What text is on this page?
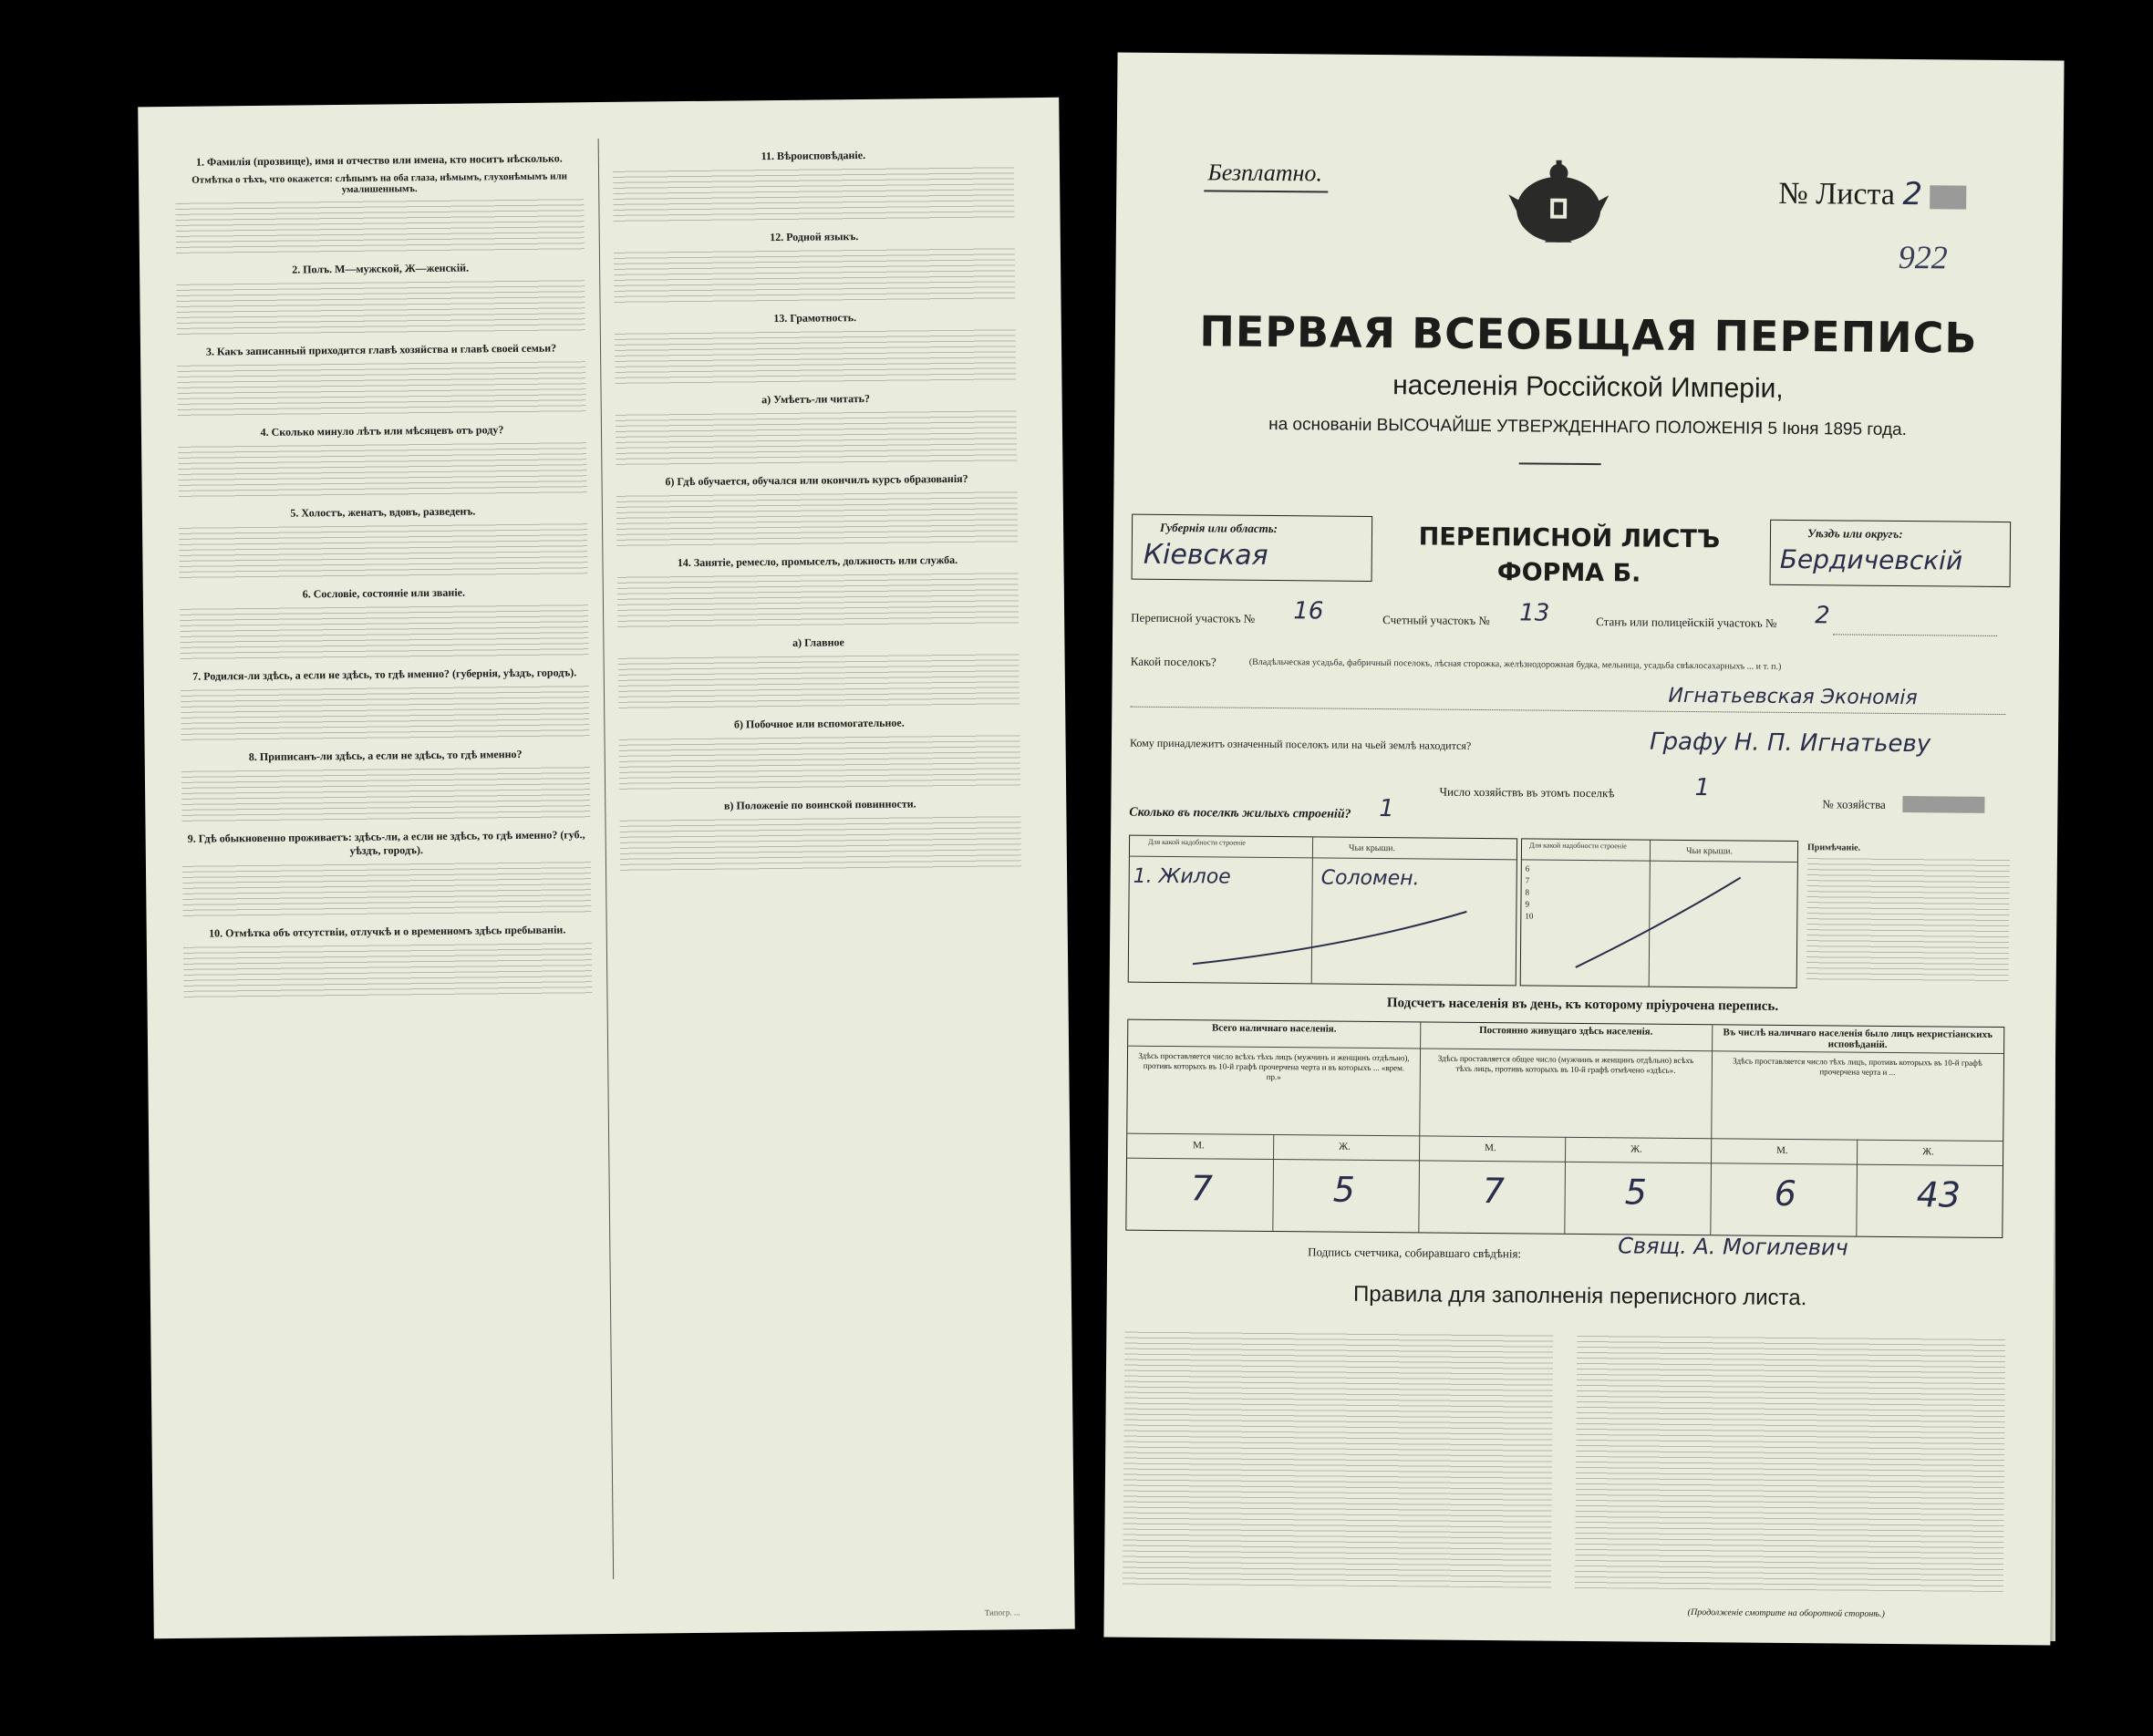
1. Фамилія (прозвище), имя и отчество или имена, кто носитъ нѣсколько.
Отмѣтка о тѣхъ, что окажется: слѣпымъ на оба глаза, нѣмымъ, глухонѣмымъ или умалишеннымъ.
2. Полъ. М—мужской, Ж—женскій.
3. Какъ записанный приходится главѣ хозяйства и главѣ своей семьи?
4. Сколько минуло лѣтъ или мѣсяцевъ отъ роду?
5. Холостъ, женатъ, вдовъ, разведенъ.
6. Сословіе, состояніе или званіе.
7. Родился-ли здѣсь, а если не здѣсь, то гдѣ именно? (губернія, уѣздъ, городъ).
8. Приписанъ-ли здѣсь, а если не здѣсь, то гдѣ именно?
9. Гдѣ обыкновенно проживаетъ: здѣсь-ли, а если не здѣсь, то гдѣ именно? (губ., уѣздъ, городъ).
10. Отмѣтка объ отсутствіи, отлучкѣ и о временномъ здѣсь пребываніи.
11. Вѣроисповѣданіе.
12. Родной языкъ.
13. Грамотность.
a) Умѣетъ-ли читать?
б) Гдѣ обучается, обучался или окончилъ курсъ образованія?
14. Занятіе, ремесло, промыселъ, должность или служба.
а) Главное
б) Побочное или вспомогательное.
в) Положеніе по воинской повинности.
Типогр. ...
Безплатно.
№ Листа 2
922
ПЕРВАЯ ВСЕОБЩАЯ ПЕРЕПИСЬ
населенія Россійской Имперіи,
на основаніи ВЫСОЧАЙШЕ УТВЕРЖДЕННАГО ПОЛОЖЕНІЯ 5 Іюня 1895 года.
Губернія или область:
Кіевская
ПЕРЕПИСНОЙ ЛИСТЪ
ФОРМА Б.
Уѣздъ или округъ:
Бердичевскій
Переписной участокъ № 16	Счетный участокъ № 13	Станъ или полицейскій участокъ № 2
Какой поселокъ?	(Владѣльческая усадьба, фабричный поселокъ, лѣсная сторожка, желѣзнодорожная будка, мельница, усадьба свѣклосахарныхъ ... и т. п.)
Игнатьевская Экономія
Кому принадлежитъ означенный поселокъ или на чьей землѣ находится?	Графу Н. П. Игнатьеву
Число хозяйствъ въ этомъ поселкѣ	1
№ хозяйства
Сколько въ поселкѣ жилыхъ строеній? 1
Для какой надобности строеніе
Чьи крыши.
1. Жилое	Соломен.
Для какой надобности строеніе
Чьи крыши.
6
7
8
9
10
Примѣчаніе.
Подсчетъ населенія въ день, къ которому пріурочена перепись.
Всего наличнаго населенія.
Здѣсь проставляется число всѣхъ тѣхъ лицъ (мужчинъ и женщинъ отдѣльно), противъ которыхъ въ 10-й графѣ прочерчена черта и въ которыхъ ... «врем. пр.»
М.	Ж.
7	5
Постоянно живущаго здѣсь населенія.
Здѣсь проставляется общее число (мужчинъ и женщинъ отдѣльно) всѣхъ тѣхъ лицъ, противъ которыхъ въ 10-й графѣ отмѣчено «здѣсь».
М.	Ж.
7	5
Въ числѣ наличнаго населенія было лицъ нехристіанскихъ исповѣданій.
Здѣсь проставляется число тѣхъ лицъ, противъ которыхъ въ 10-й графѣ прочерчена черта и ...
М.	Ж.
6	43
Подпись счетчика, собиравшаго свѣдѣнія:	Свящ. А. Могилевич
Правила для заполненія переписного листа.
(Продолженіе смотрите на оборотной сторонѣ.)
